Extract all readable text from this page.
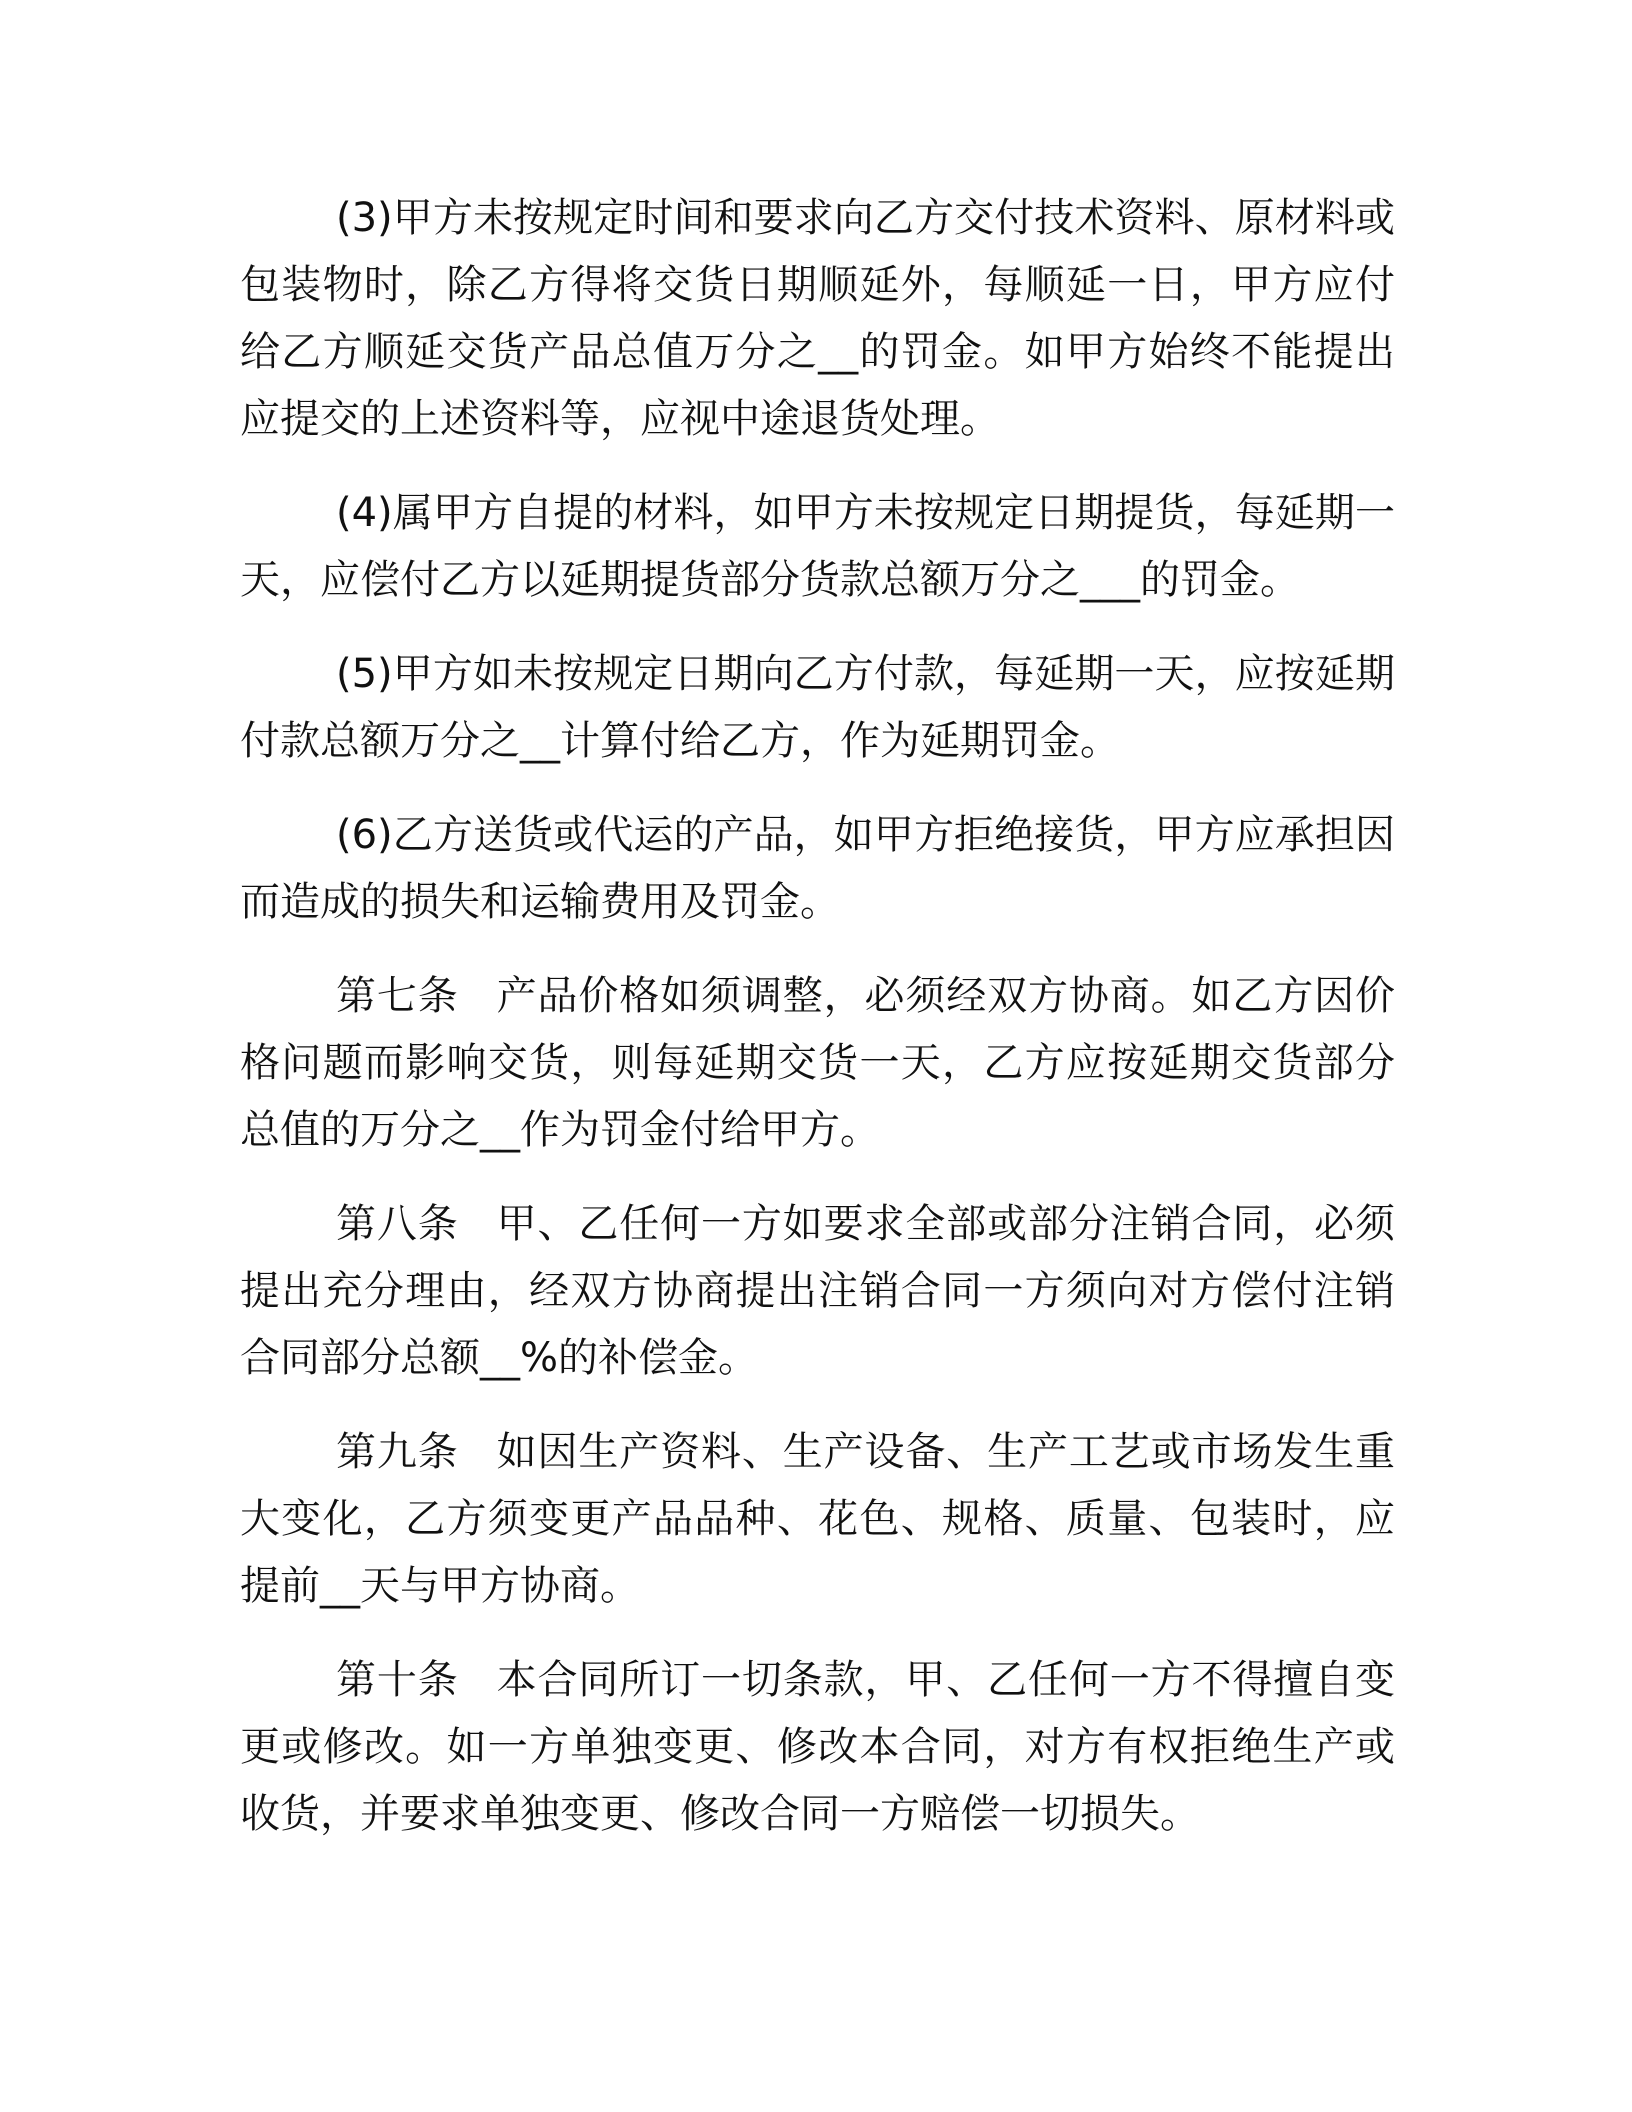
(3)甲方未按规定时间和要求向乙方交付技术资料、原材料或包装物时，除乙方得将交货日期顺延外，每顺延一日，甲方应付给乙方顺延交货产品总值万分之__的罚金。如甲方始终不能提出应提交的上述资料等，应视中途退货处理。

(4)属甲方自提的材料，如甲方未按规定日期提货，每延期一天，应偿付乙方以延期提货部分货款总额万分之___的罚金。

(5)甲方如未按规定日期向乙方付款，每延期一天，应按延期付款总额万分之__计算付给乙方，作为延期罚金。

(6)乙方送货或代运的产品，如甲方拒绝接货，甲方应承担因而造成的损失和运输费用及罚金。

第七条 产品价格如须调整，必须经双方协商。如乙方因价格问题而影响交货，则每延期交货一天，乙方应按延期交货部分总值的万分之__作为罚金付给甲方。

第八条 甲、乙任何一方如要求全部或部分注销合同，必须提出充分理由，经双方协商提出注销合同一方须向对方偿付注销合同部分总额__%的补偿金。

第九条 如因生产资料、生产设备、生产工艺或市场发生重大变化，乙方须变更产品品种、花色、规格、质量、包装时，应提前__天与甲方协商。

第十条 本合同所订一切条款，甲、乙任何一方不得擅自变更或修改。如一方单独变更、修改本合同，对方有权拒绝生产或收货，并要求单独变更、修改合同一方赔偿一切损失。
